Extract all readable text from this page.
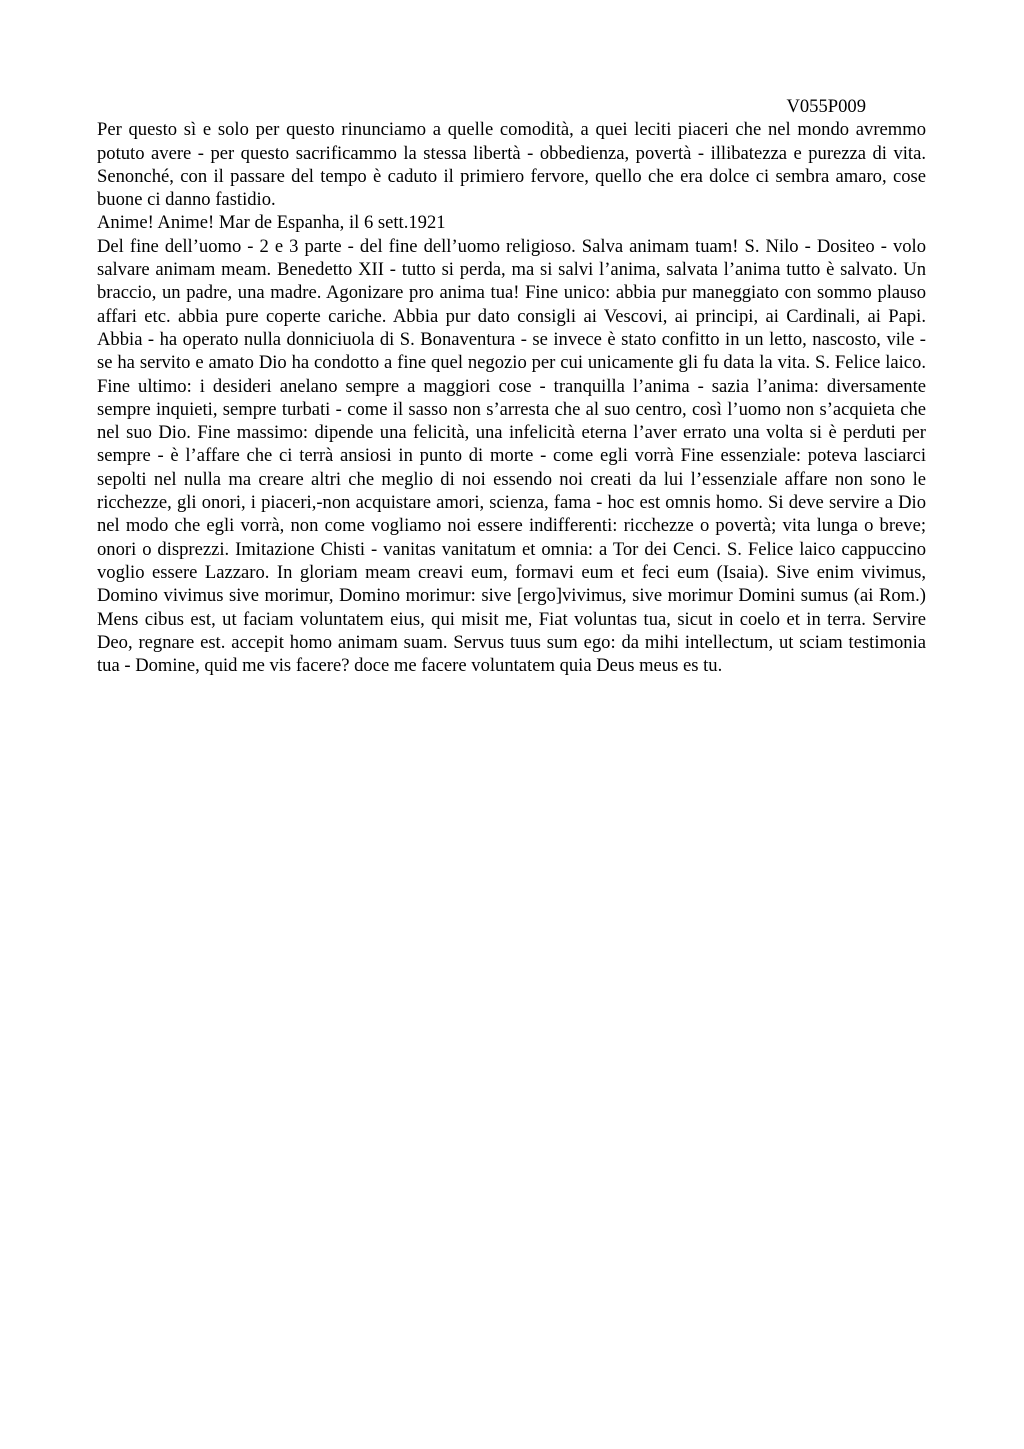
V055P009

Per questo sì e solo per questo rinunciamo a quelle comodità, a quei leciti piaceri che nel mondo avremmo potuto avere - per questo sacrificammo la stessa libertà - obbedienza, povertà - illibatezza e purezza di vita. Senonché, con il passare del tempo è caduto il primiero fervore, quello che era dolce ci sembra amaro, cose buone ci danno fastidio.

Anime! Anime! Mar de Espanha, il 6 sett.1921

Del fine dell’uomo - 2 e 3 parte - del fine dell’uomo religioso. Salva animam tuam! S. Nilo - Dositeo - volo salvare animam meam. Benedetto XII - tutto si perda, ma si salvi l’anima, salvata l’anima tutto è salvato. Un braccio, un padre, una madre. Agonizare pro anima tua! Fine unico: abbia pur maneggiato con sommo plauso affari etc. abbia pure coperte cariche. Abbia pur dato consigli ai Vescovi, ai principi, ai Cardinali, ai Papi. Abbia - ha operato nulla donniciuola di S. Bonaventura - se invece è stato confitto in un letto, nascosto, vile - se ha servito e amato Dio ha condotto a fine quel negozio per cui unicamente gli fu data la vita. S. Felice laico. Fine ultimo: i desideri anelano sempre a maggiori cose - tranquilla l’anima - sazia l’anima: diversamente sempre inquieti, sempre turbati - come il sasso non s’arresta che al suo centro, così l’uomo non s’acquieta che nel suo Dio. Fine massimo: dipende una felicità, una infelicità eterna l’aver errato una volta si è perduti per sempre - è l’affare che ci terrà ansiosi in punto di morte - come egli vorrà Fine essenziale: poteva lasciarci sepolti nel nulla ma creare altri che meglio di noi essendo noi creati da lui l’essenziale affare non sono le ricchezze, gli onori, i piaceri,-non acquistare amori, scienza, fama - hoc est omnis homo. Si deve servire a Dio nel modo che egli vorrà, non come vogliamo noi essere indifferenti: ricchezze o povertà; vita lunga o breve; onori o disprezzi. Imitazione Chisti - vanitas vanitatum et omnia: a Tor dei Cenci. S. Felice laico cappuccino voglio essere Lazzaro. In gloriam meam creavi eum, formavi eum et feci eum (Isaia). Sive enim vivimus, Domino vivimus sive morimur, Domino morimur: sive [ergo]vivimus, sive morimur Domini sumus (ai Rom.) Mens cibus est, ut faciam voluntatem eius, qui misit me, Fiat voluntas tua, sicut in coelo et in terra. Servire Deo, regnare est. accepit homo animam suam. Servus tuus sum ego: da mihi intellectum, ut sciam testimonia tua - Domine, quid me vis facere? doce me facere voluntatem quia Deus meus es tu.
